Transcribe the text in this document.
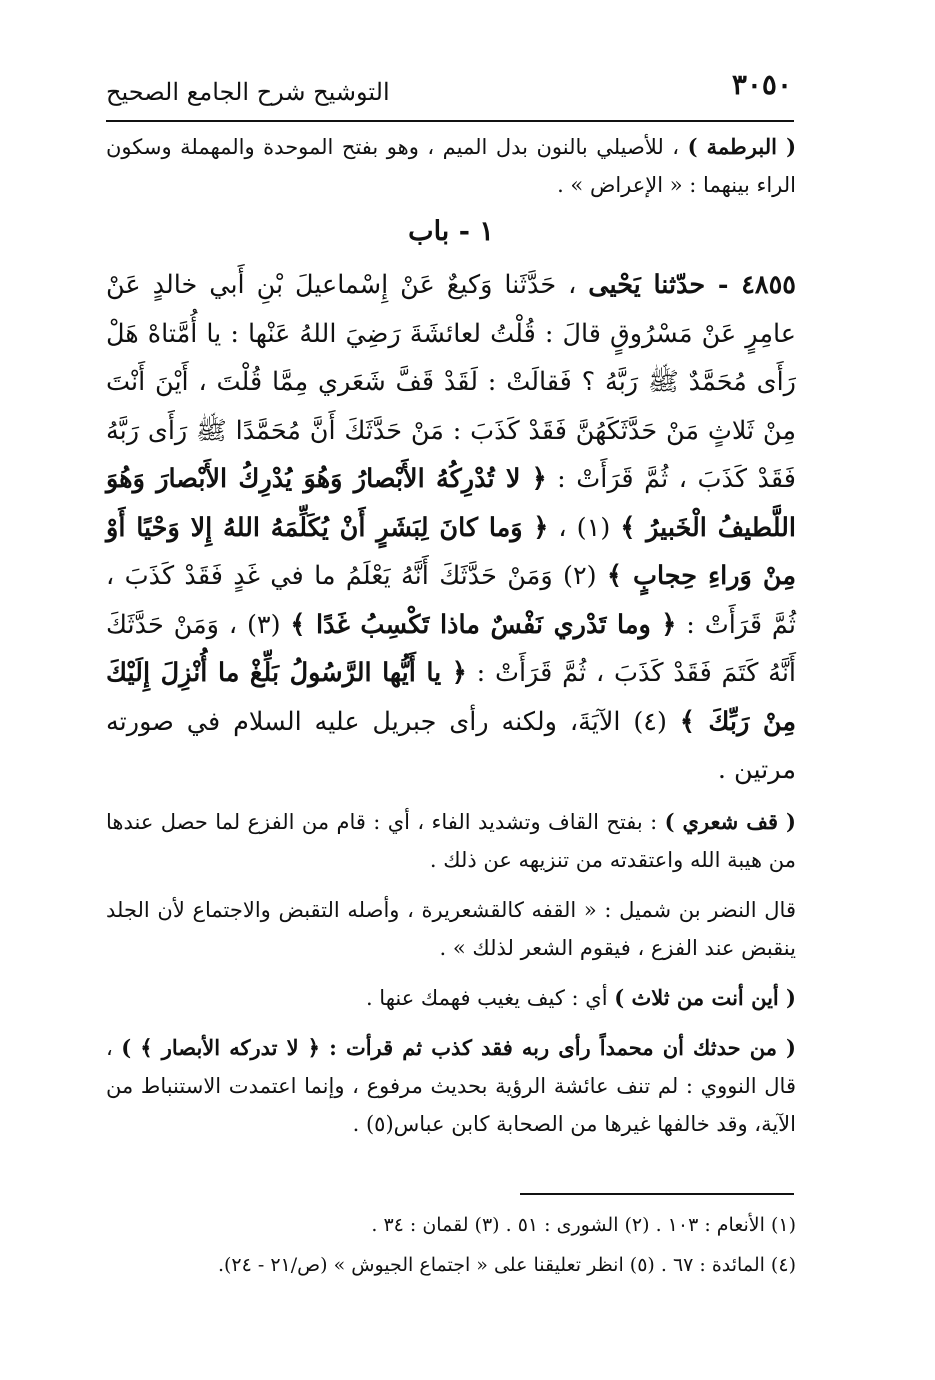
٣٠٥٠
التوشيح شرح الجامع الصحيح

( البرطمة ) ، للأصيلي بالنون بدل الميم ، وهو بفتح الموحدة والمهملة وسكون الراء بينهما : « الإعراض » .

١ - باب

٤٨٥٥ - حدّثنا يَحْيى ، حَدَّثَنا وَكيعٌ عَنْ إِسْماعيلَ بْنِ أَبي خالدٍ عَنْ عامِرٍ عَنْ مَسْرُوقٍ قالَ : قُلْتُ لعائشَةَ رَضِيَ اللهُ عَنْها : يا أُمَّتاهْ هَلْ رَأَى مُحَمَّدٌ ﷺ رَبَّهُ ؟ فَقالَتْ : لَقَدْ قَفَّ شَعَري مِمَّا قُلْتَ ، أَيْنَ أَنْتَ مِنْ ثَلاثٍ مَنْ حَدَّثَكَهُنَّ فَقَدْ كَذَبَ : مَنْ حَدَّثَكَ أَنَّ مُحَمَّدًا ﷺ رَأَى رَبَّهُ فَقَدْ كَذَبَ ، ثُمَّ قَرَأَتْ : ﴿ لا تُدْرِكُهُ الأَبْصارُ وَهُوَ يُدْرِكُ الأَبْصارَ وَهُوَ اللَّطيفُ الْخَبيرُ ﴾ (١) ، ﴿ وَما كانَ لِبَشَرٍ أَنْ يُكَلِّمَهُ اللهُ إِلا وَحْيًا أَوْ مِنْ وَراءِ حِجابٍ ﴾ (٢) وَمَنْ حَدَّثَكَ أَنَّهُ يَعْلَمُ ما في غَدٍ فَقَدْ كَذَبَ ، ثُمَّ قَرَأَتْ : ﴿ وما تَدْري نَفْسٌ ماذا تَكْسِبُ غَدًا ﴾ (٣) ، وَمَنْ حَدَّثَكَ أَنَّهُ كَتَمَ فَقَدْ كَذَبَ ، ثُمَّ قَرَأَتْ : ﴿ يا أَيُّها الرَّسُولُ بَلِّغْ ما أُنْزِلَ إِلَيْكَ مِنْ رَبِّكَ ﴾ (٤) الآيَةَ، ولكنه رأى جبريل عليه السلام في صورته مرتين .

( قف شعري ) : بفتح القاف وتشديد الفاء ، أي : قام من الفزع لما حصل عندها من هيبة الله واعتقدته من تنزيهه عن ذلك .

قال النضر بن شميل : « القفه كالقشعريرة ، وأصله التقبض والاجتماع لأن الجلد ينقبض عند الفزع ، فيقوم الشعر لذلك » .

( أين أنت من ثلاث ) أي : كيف يغيب فهمك عنها .

( من حدثك أن محمداً رأى ربه فقد كذب ثم قرأت : ﴿ لا تدركه الأبصار ﴾ ) ، قال النووي : لم تنف عائشة الرؤية بحديث مرفوع ، وإنما اعتمدت الاستنباط من الآية، وقد خالفها غيرها من الصحابة كابن عباس(٥) .

(١) الأنعام : ١٠٣ . (٢) الشورى : ٥١ . (٣) لقمان : ٣٤ .
(٤) المائدة : ٦٧ . (٥) انظر تعليقنا على « اجتماع الجيوش » (ص/٢١ - ٢٤).
